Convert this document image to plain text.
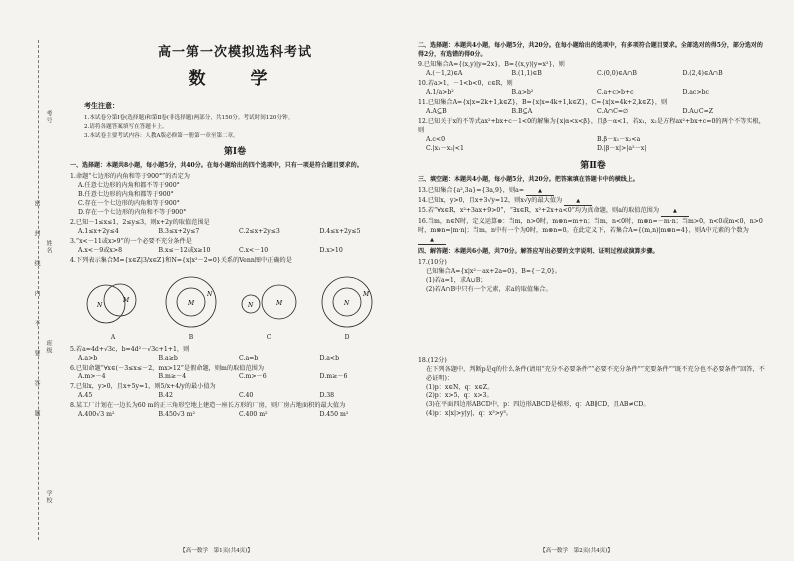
考号
姓名
班级
学校
密
封
线
内
不
要
答
题
高一第一次模拟选科考试
数　学
考生注意：

1.本试卷分第Ⅰ卷(选择题)和第Ⅱ卷(非选择题)两部分，共150分。考试时间120分钟。

2.请将各题答案填写在答题卡上。

3.本试卷主要考试内容：人教A版必修第一册第一章至第二章。

第Ⅰ卷
一、选择题：本题共8小题，每小题5分，共40分。在每小题给出的四个选项中，只有一项是符合题目要求的。
1.命题“七边形的内角和等于900°”的否定为
A.任意七边形的内角和都不等于900°
B.任意七边形的内角和都等于900°
C.存在一个七边形的内角和等于900°
D.存在一个七边形的内角和不等于900°
2.已知－1≤x≤1，2≤y≤3，则x+2y的取值范围是
A.1≤x+2y≤4	B.3≤x+2y≤7	C.2≤x+2y≤3	D.4≤x+2y≤5
3.“x<－11或x>9”的一个必要不充分条件是
A.x<－9或x>8	B.x≤－12或x≥10	C.x<－10	D.x>10
4.下列表示集合M={x∈Z|3/x∈Z}和N={x|x²－2=0}关系的Venn图中正确的是
N
M
A
M
N
B
N	M
C
N
M
D
5.若a=4d+√3c，b=4d²－√3c+1+1，则
A.a>b	B.a≥b	C.a=b	D.a<b
6.已知命题“∀x∈(－3≤x≤－2，mx>12”是假命题，则m的取值范围为
A.m>－4	B.m≥－4	C.m>－6	D.m≥－6
7.已知x，y>0，且x+5y=1，则5/x+4/y的最小值为
A.45	B.42	C.40	D.38
8.某工厂计划在一边长为60 m的正三角形空地上建造一座长方形的厂房，则厂房占地面积的最大值为
A.400√3 m²	B.450√3 m²	C.400 m²	D.450 m²
【高一数学　第1页(共4页)】
二、选择题：本题共4小题，每小题5分，共20分。在每小题给出的选项中，有多项符合题目要求。全部选对的得5分，部分选对的得2分，有选错的得0分。
9.已知集合A={(x,y)|y=2x}，B={(x,y)|y=x²}，则
A.(－1,2)∈A	B.(1,1)∈B	C.(0,0)∈A∩B	D.(2,4)∈A∩B
10.若a>1，－1<b<0，c∈R，则
A.1/a>b²	B.a>b²	C.a+c>b+c	D.ac>bc
11.已知集合A={x|x=2k+1,k∈Z}，B={x|x=4k+1,k∈Z}，C={x|x=4k+2,k∈Z}，则
A.A⊆B	B.B⊆A	C.A∩C=∅	D.A∪C=Z
12.已知关于x的不等式ax²+bx+c－1<0的解集为{x|α<x<β}，且β－α<1，若x₁，x₂是方程ax²+bx+c=0的两个不等实根，则
A.c<0	B.β－x₁－x₂<a
C.|x₁－x₂|<1	D.|β－x|>|a²－x|
第Ⅱ卷
三、填空题：本题共4小题，每小题5分，共20分。把答案填在答题卡中的横线上。
13.已知集合{a²,3a}={3a,9}，则a=	▲
14.已知x，y>0，且x+3√y=12，则x√y的最大值为	▲
15.若“∀x∈R，x²+3ax+9>0”，“∃x∈R，x²+2x+a<0”均为真命题，则a的取值范围为	▲
16.当m，n∈N时，定义运算⊗：当m，n>0时，m⊗n=m+n；当m，n<0时，m⊗n=－m·n；当m>0，n<0或m<0，n>0时，m⊗n=|m·n|；当m，n中有一个为0时，m⊗n=0。在此定义下，若集合A={(m,n)|m⊗n=4}，则A中元素的个数为 ▲
四、解答题：本题共6小题，共70分。解答应写出必要的文字说明、证明过程或演算步骤。
17.(10分)
已知集合A={x|x²－ax+2a=0}，B={－2,0}。
(1)若a=1，求A∪B；
(2)若A∩B中只有一个元素，求a的取值集合。
18.(12分)
在下列各题中，判断p是q的什么条件(请用“充分不必要条件”“必要不充分条件”“充要条件”“既不充分也不必要条件”回答，不必证明)：
(1)p：x∈N，q：x∈Z。
(2)p：x>5，q：x>3。
(3)在平面四边形ABCD中，p：四边形ABCD是梯形，q：AB∥CD，且AB≠CD。
(4)p：x|x|>y|y|，q：x³>y³。
【高一数学　第2页(共4页)】
